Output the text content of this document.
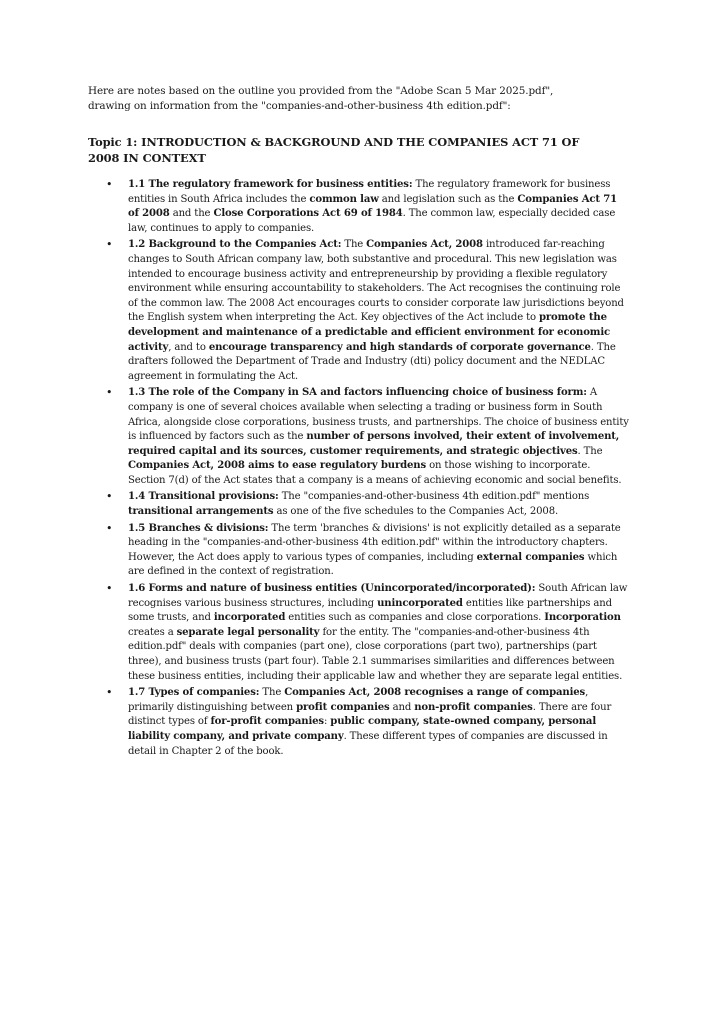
Here are notes based on the outline you provided from the "Adobe Scan 5 Mar 2025.pdf",
drawing on information from the "companies-and-other-business 4th edition.pdf":

Topic 1: INTRODUCTION & BACKGROUND AND THE COMPANIES ACT 71 OF
2008 IN CONTEXT

• 1.1 The regulatory framework for business entities: The regulatory framework for business entities in South Africa includes the common law and legislation such as the Companies Act 71 of 2008 and the Close Corporations Act 69 of 1984. The common law, especially decided case law, continues to apply to companies.
• 1.2 Background to the Companies Act: The Companies Act, 2008 introduced far-reaching changes to South African company law, both substantive and procedural. This new legislation was intended to encourage business activity and entrepreneurship by providing a flexible regulatory environment while ensuring accountability to stakeholders. The Act recognises the continuing role of the common law. The 2008 Act encourages courts to consider corporate law jurisdictions beyond the English system when interpreting the Act. Key objectives of the Act include to promote the development and maintenance of a predictable and efficient environment for economic activity, and to encourage transparency and high standards of corporate governance. The drafters followed the Department of Trade and Industry (dti) policy document and the NEDLAC agreement in formulating the Act.
• 1.3 The role of the Company in SA and factors influencing choice of business form: A company is one of several choices available when selecting a trading or business form in South Africa, alongside close corporations, business trusts, and partnerships. The choice of business entity is influenced by factors such as the number of persons involved, their extent of involvement, required capital and its sources, customer requirements, and strategic objectives. The Companies Act, 2008 aims to ease regulatory burdens on those wishing to incorporate. Section 7(d) of the Act states that a company is a means of achieving economic and social benefits.
• 1.4 Transitional provisions: The "companies-and-other-business 4th edition.pdf" mentions transitional arrangements as one of the five schedules to the Companies Act, 2008.
• 1.5 Branches & divisions: The term 'branches & divisions' is not explicitly detailed as a separate heading in the "companies-and-other-business 4th edition.pdf" within the introductory chapters. However, the Act does apply to various types of companies, including external companies which are defined in the context of registration.
• 1.6 Forms and nature of business entities (Unincorporated/incorporated): South African law recognises various business structures, including unincorporated entities like partnerships and some trusts, and incorporated entities such as companies and close corporations. Incorporation creates a separate legal personality for the entity. The "companies-and-other-business 4th edition.pdf" deals with companies (part one), close corporations (part two), partnerships (part three), and business trusts (part four). Table 2.1 summarises similarities and differences between these business entities, including their applicable law and whether they are separate legal entities.
• 1.7 Types of companies: The Companies Act, 2008 recognises a range of companies, primarily distinguishing between profit companies and non-profit companies. There are four distinct types of for-profit companies: public company, state-owned company, personal liability company, and private company. These different types of companies are discussed in detail in Chapter 2 of the book.
